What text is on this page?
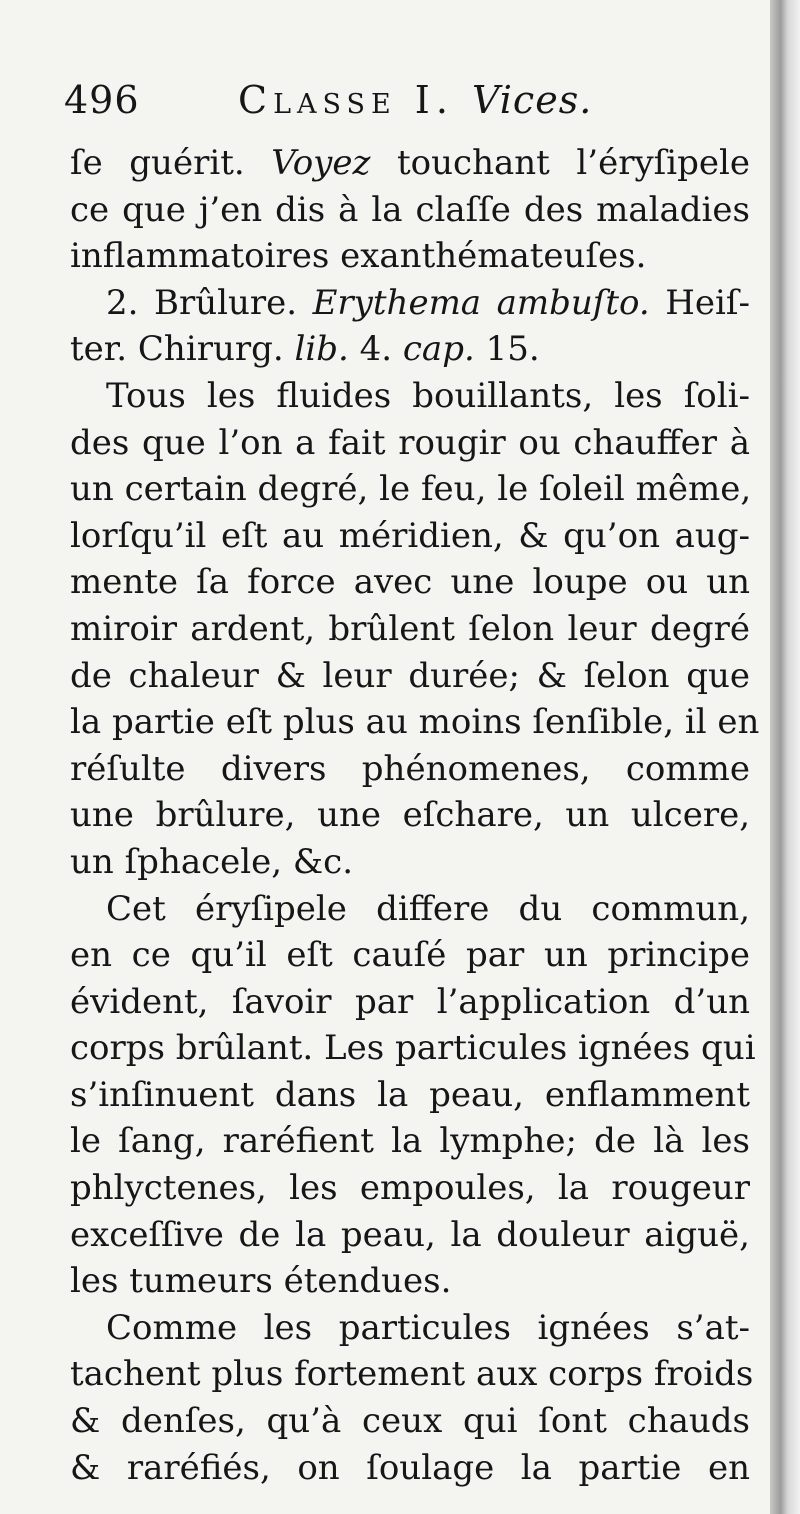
496	Classe I. Vices.
ſe guérit. Voyez touchant l’éryſipele
ce que j’en dis à la claſſe des maladies
inflammatoires exanthémateuſes.
2. Brûlure. Erythema ambuſto. Heiſ-
ter. Chirurg. lib. 4. cap. 15.
Tous les fluides bouillants, les ſoli-
des que l’on a fait rougir ou chauffer à
un certain degré, le feu, le ſoleil même,
lorſqu’il eſt au méridien, & qu’on aug-
mente ſa force avec une loupe ou un
miroir ardent, brûlent ſelon leur degré
de chaleur & leur durée; & ſelon que
la partie eſt plus au moins ſenſible, il en
réſulte divers phénomenes, comme
une brûlure, une eſchare, un ulcere,
un ſphacele, &c.
Cet éryſipele differe du commun,
en ce qu’il eſt cauſé par un principe
évident, ſavoir par l’application d’un
corps brûlant. Les particules ignées qui
s’inſinuent dans la peau, enflamment
le ſang, raréfient la lymphe; de là les
phlyctenes, les empoules, la rougeur
exceſſive de la peau, la douleur aiguë,
les tumeurs étendues.
Comme les particules ignées s’at-
tachent plus fortement aux corps froids
& denſes, qu’à ceux qui ſont chauds
& raréfiés, on ſoulage la partie en
